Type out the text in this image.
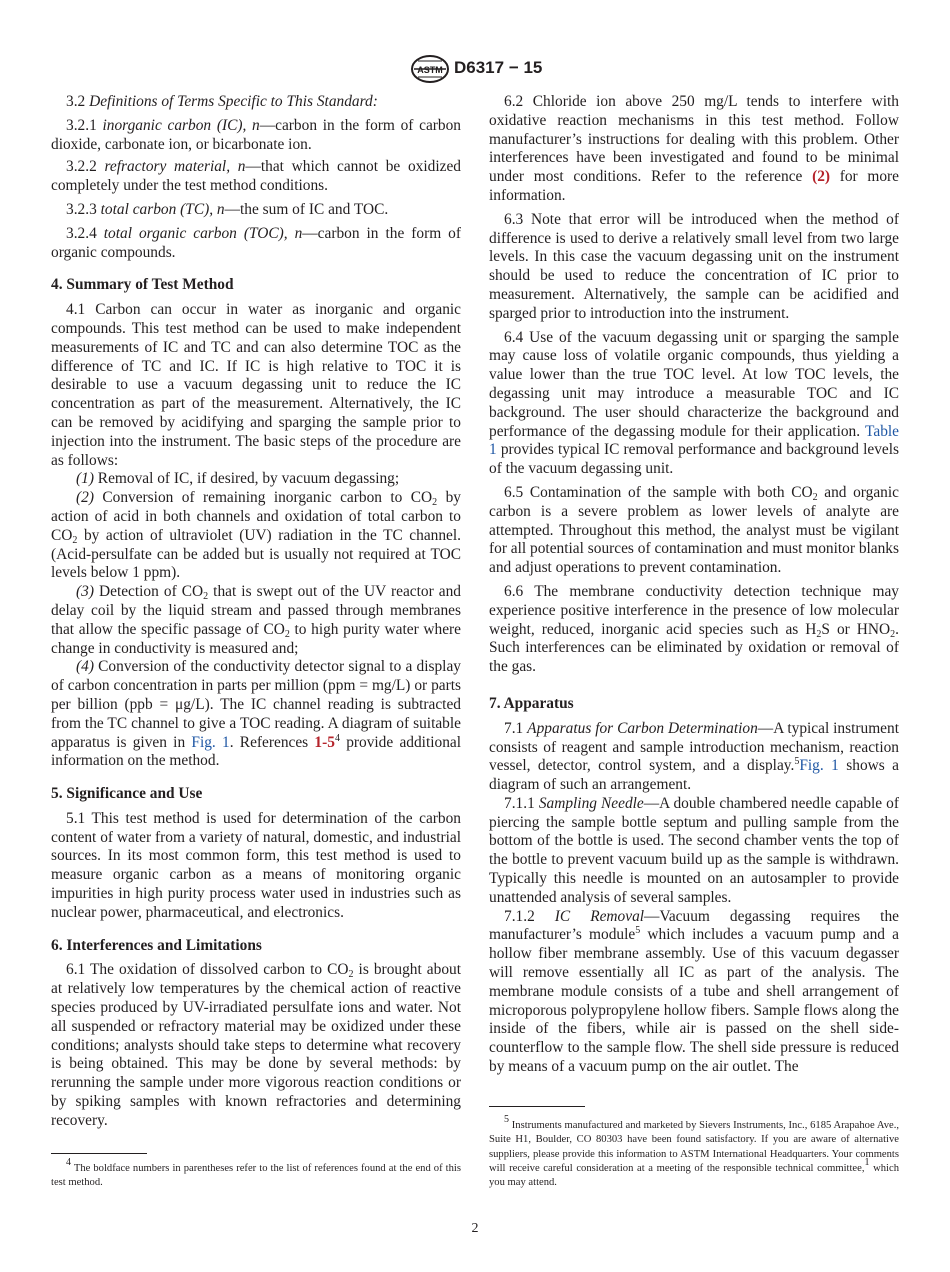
ASTM D6317 − 15

3.2 Definitions of Terms Specific to This Standard:

3.2.1 inorganic carbon (IC), n—carbon in the form of carbon dioxide, carbonate ion, or bicarbonate ion.

3.2.2 refractory material, n—that which cannot be oxidized completely under the test method conditions.

3.2.3 total carbon (TC), n—the sum of IC and TOC.

3.2.4 total organic carbon (TOC), n—carbon in the form of organic compounds.

4. Summary of Test Method

4.1 Carbon can occur in water as inorganic and organic compounds. This test method can be used to make independent measurements of IC and TC and can also determine TOC as the difference of TC and IC. If IC is high relative to TOC it is desirable to use a vacuum degassing unit to reduce the IC concentration as part of the measurement. Alternatively, the IC can be removed by acidifying and sparging the sample prior to injection into the instrument. The basic steps of the procedure are as follows:

(1) Removal of IC, if desired, by vacuum degassing;

(2) Conversion of remaining inorganic carbon to $CO_2$ by action of acid in both channels and oxidation of total carbon to $CO_2$ by action of ultraviolet (UV) radiation in the TC channel. (Acid-persulfate can be added but is usually not required at TOC levels below 1 ppm).

(3) Detection of $CO_2$ that is swept out of the UV reactor and delay coil by the liquid stream and passed through membranes that allow the specific passage of $CO_2$ to high purity water where change in conductivity is measured and;

(4) Conversion of the conductivity detector signal to a display of carbon concentration in parts per million (ppm = mg/L) or parts per billion (ppb = μg/L). The IC channel reading is subtracted from the TC channel to give a TOC reading. A diagram of suitable apparatus is given in Fig. 1. References $1-5^4$ provide additional information on the method.

5. Significance and Use

5.1 This test method is used for determination of the carbon content of water from a variety of natural, domestic, and industrial sources. In its most common form, this test method is used to measure organic carbon as a means of monitoring organic impurities in high purity process water used in industries such as nuclear power, pharmaceutical, and electronics.

6. Interferences and Limitations

6.1 The oxidation of dissolved carbon to $CO_2$ is brought about at relatively low temperatures by the chemical action of reactive species produced by UV-irradiated persulfate ions and water. Not all suspended or refractory material may be oxidized under these conditions; analysts should take steps to determine what recovery is being obtained. This may be done by several methods: by rerunning the sample under more vigorous reaction conditions or by spiking samples with known refractories and determining recovery.

$^4$ The boldface numbers in parentheses refer to the list of references found at the end of this test method.

6.2 Chloride ion above 250 mg/L tends to interfere with oxidative reaction mechanisms in this test method. Follow manufacturer’s instructions for dealing with this problem. Other interferences have been investigated and found to be minimal under most conditions. Refer to the reference (2) for more information.

6.3 Note that error will be introduced when the method of difference is used to derive a relatively small level from two large levels. In this case the vacuum degassing unit on the instrument should be used to reduce the concentration of IC prior to measurement. Alternatively, the sample can be acidified and sparged prior to introduction into the instrument.

6.4 Use of the vacuum degassing unit or sparging the sample may cause loss of volatile organic compounds, thus yielding a value lower than the true TOC level. At low TOC levels, the degassing unit may introduce a measurable TOC and IC background. The user should characterize the background and performance of the degassing module for their application. Table 1 provides typical IC removal performance and background levels of the vacuum degassing unit.

6.5 Contamination of the sample with both $CO_2$ and organic carbon is a severe problem as lower levels of analyte are attempted. Throughout this method, the analyst must be vigilant for all potential sources of contamination and must monitor blanks and adjust operations to prevent contamination.

6.6 The membrane conductivity detection technique may experience positive interference in the presence of low molecular weight, reduced, inorganic acid species such as $H_2S$ or $HNO_2$. Such interferences can be eliminated by oxidation or removal of the gas.

7. Apparatus

7.1 Apparatus for Carbon Determination—A typical instrument consists of reagent and sample introduction mechanism, reaction vessel, detector, control system, and a display.$^5$Fig. 1 shows a diagram of such an arrangement.

7.1.1 Sampling Needle—A double chambered needle capable of piercing the sample bottle septum and pulling sample from the bottom of the bottle is used. The second chamber vents the top of the bottle to prevent vacuum build up as the sample is withdrawn. Typically this needle is mounted on an autosampler to provide unattended analysis of several samples.

7.1.2 IC Removal—Vacuum degassing requires the manufacturer’s module$^5$ which includes a vacuum pump and a hollow fiber membrane assembly. Use of this vacuum degasser will remove essentially all IC as part of the analysis. The membrane module consists of a tube and shell arrangement of microporous polypropylene hollow fibers. Sample flows along the inside of the fibers, while air is passed on the shell side-counterflow to the sample flow. The shell side pressure is reduced by means of a vacuum pump on the air outlet. The

$^5$ Instruments manufactured and marketed by Sievers Instruments, Inc., 6185 Arapahoe Ave., Suite H1, Boulder, CO 80303 have been found satisfactory. If you are aware of alternative suppliers, please provide this information to ASTM International Headquarters. Your comments will receive careful consideration at a meeting of the responsible technical committee,$^1$ which you may attend.

2
